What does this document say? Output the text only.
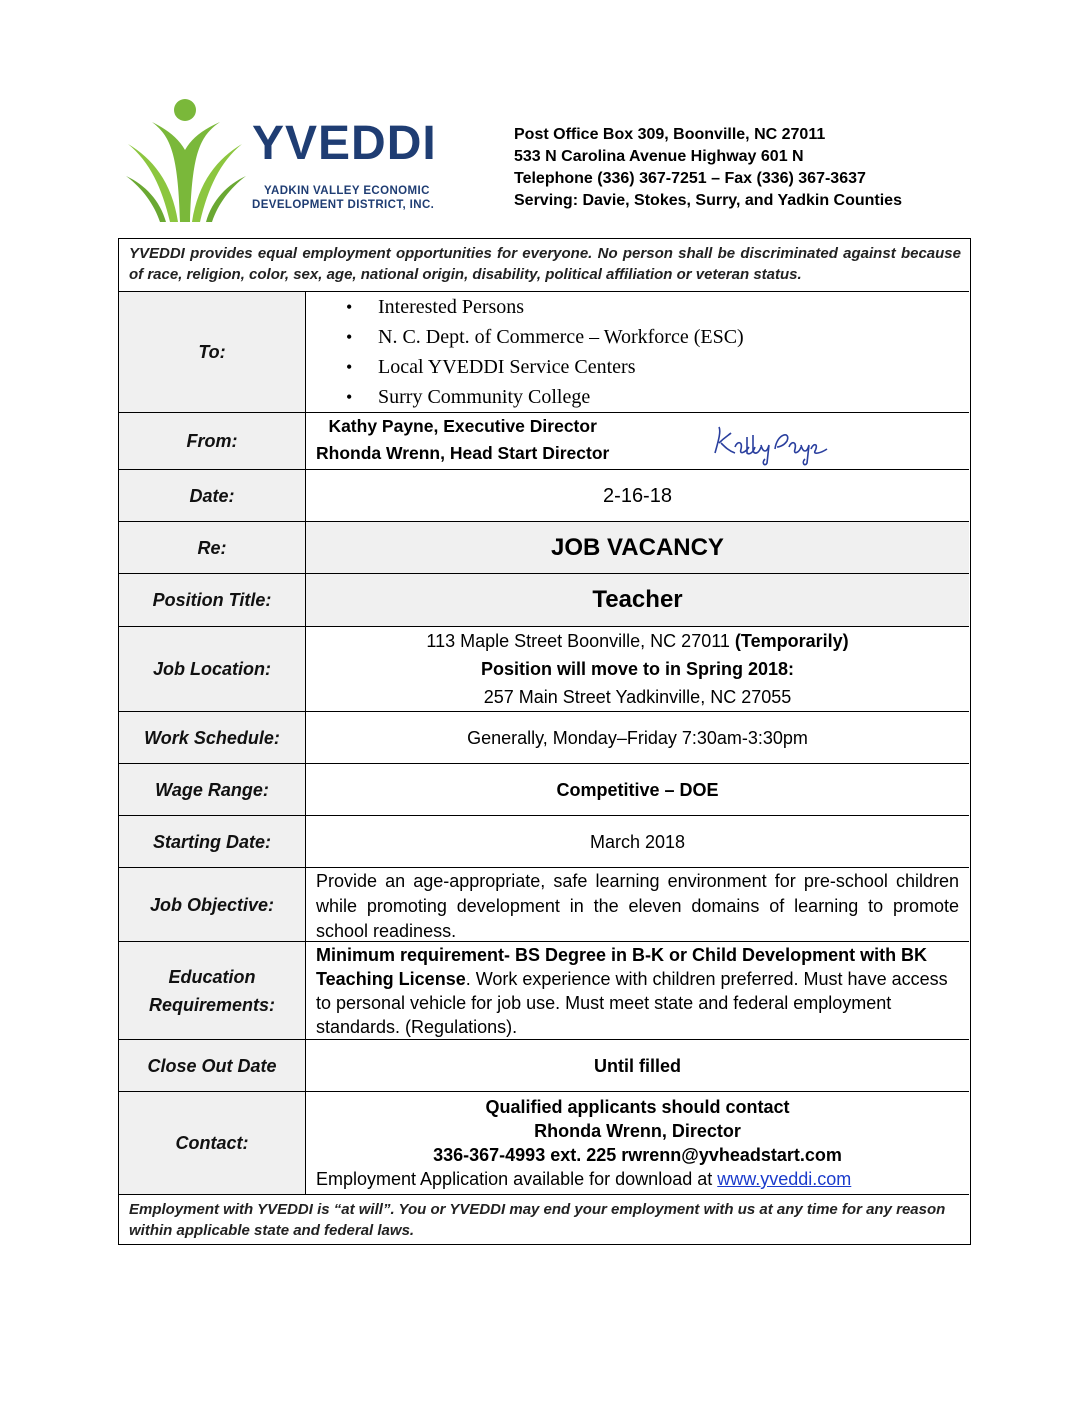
YVEDDI
YADKIN VALLEY ECONOMIC
DEVELOPMENT DISTRICT, INC.
Post Office Box 309, Boonville, NC 27011
533 N Carolina Avenue Highway 601 N
Telephone (336) 367-7251 – Fax (336) 367-3637
Serving: Davie, Stokes, Surry, and Yadkin Counties
YVEDDI provides equal employment opportunities for everyone. No person shall be discriminated against because of race, religion, color, sex, age, national origin, disability, political affiliation or veteran status.
To:
• Interested Persons
• N. C. Dept. of Commerce – Workforce (ESC)
• Local YVEDDI Service Centers
• Surry Community College
From:
Kathy Payne, Executive Director
Rhonda Wrenn, Head Start Director
Date:	2-16-18
Re:	JOB VACANCY
Position Title:	Teacher
Job Location:
113 Maple Street Boonville, NC 27011 (Temporarily)
Position will move to in Spring 2018:
257 Main Street Yadkinville, NC 27055
Work Schedule:	Generally, Monday–Friday 7:30am-3:30pm
Wage Range:	Competitive – DOE
Starting Date:	March 2018
Job Objective:
Provide an age-appropriate, safe learning environment for pre-school children while promoting development in the eleven domains of learning to promote school readiness.
Education
Requirements:
Minimum requirement- BS Degree in B-K or Child Development with BK Teaching License. Work experience with children preferred. Must have access to personal vehicle for job use. Must meet state and federal employment standards. (Regulations).
Close Out Date	Until filled
Contact:
Qualified applicants should contact
Rhonda Wrenn, Director
336-367-4993 ext. 225 rwrenn@yvheadstart.com
Employment Application available for download at www.yveddi.com
Employment with YVEDDI is “at will”. You or YVEDDI may end your employment with us at any time for any reason within applicable state and federal laws.
